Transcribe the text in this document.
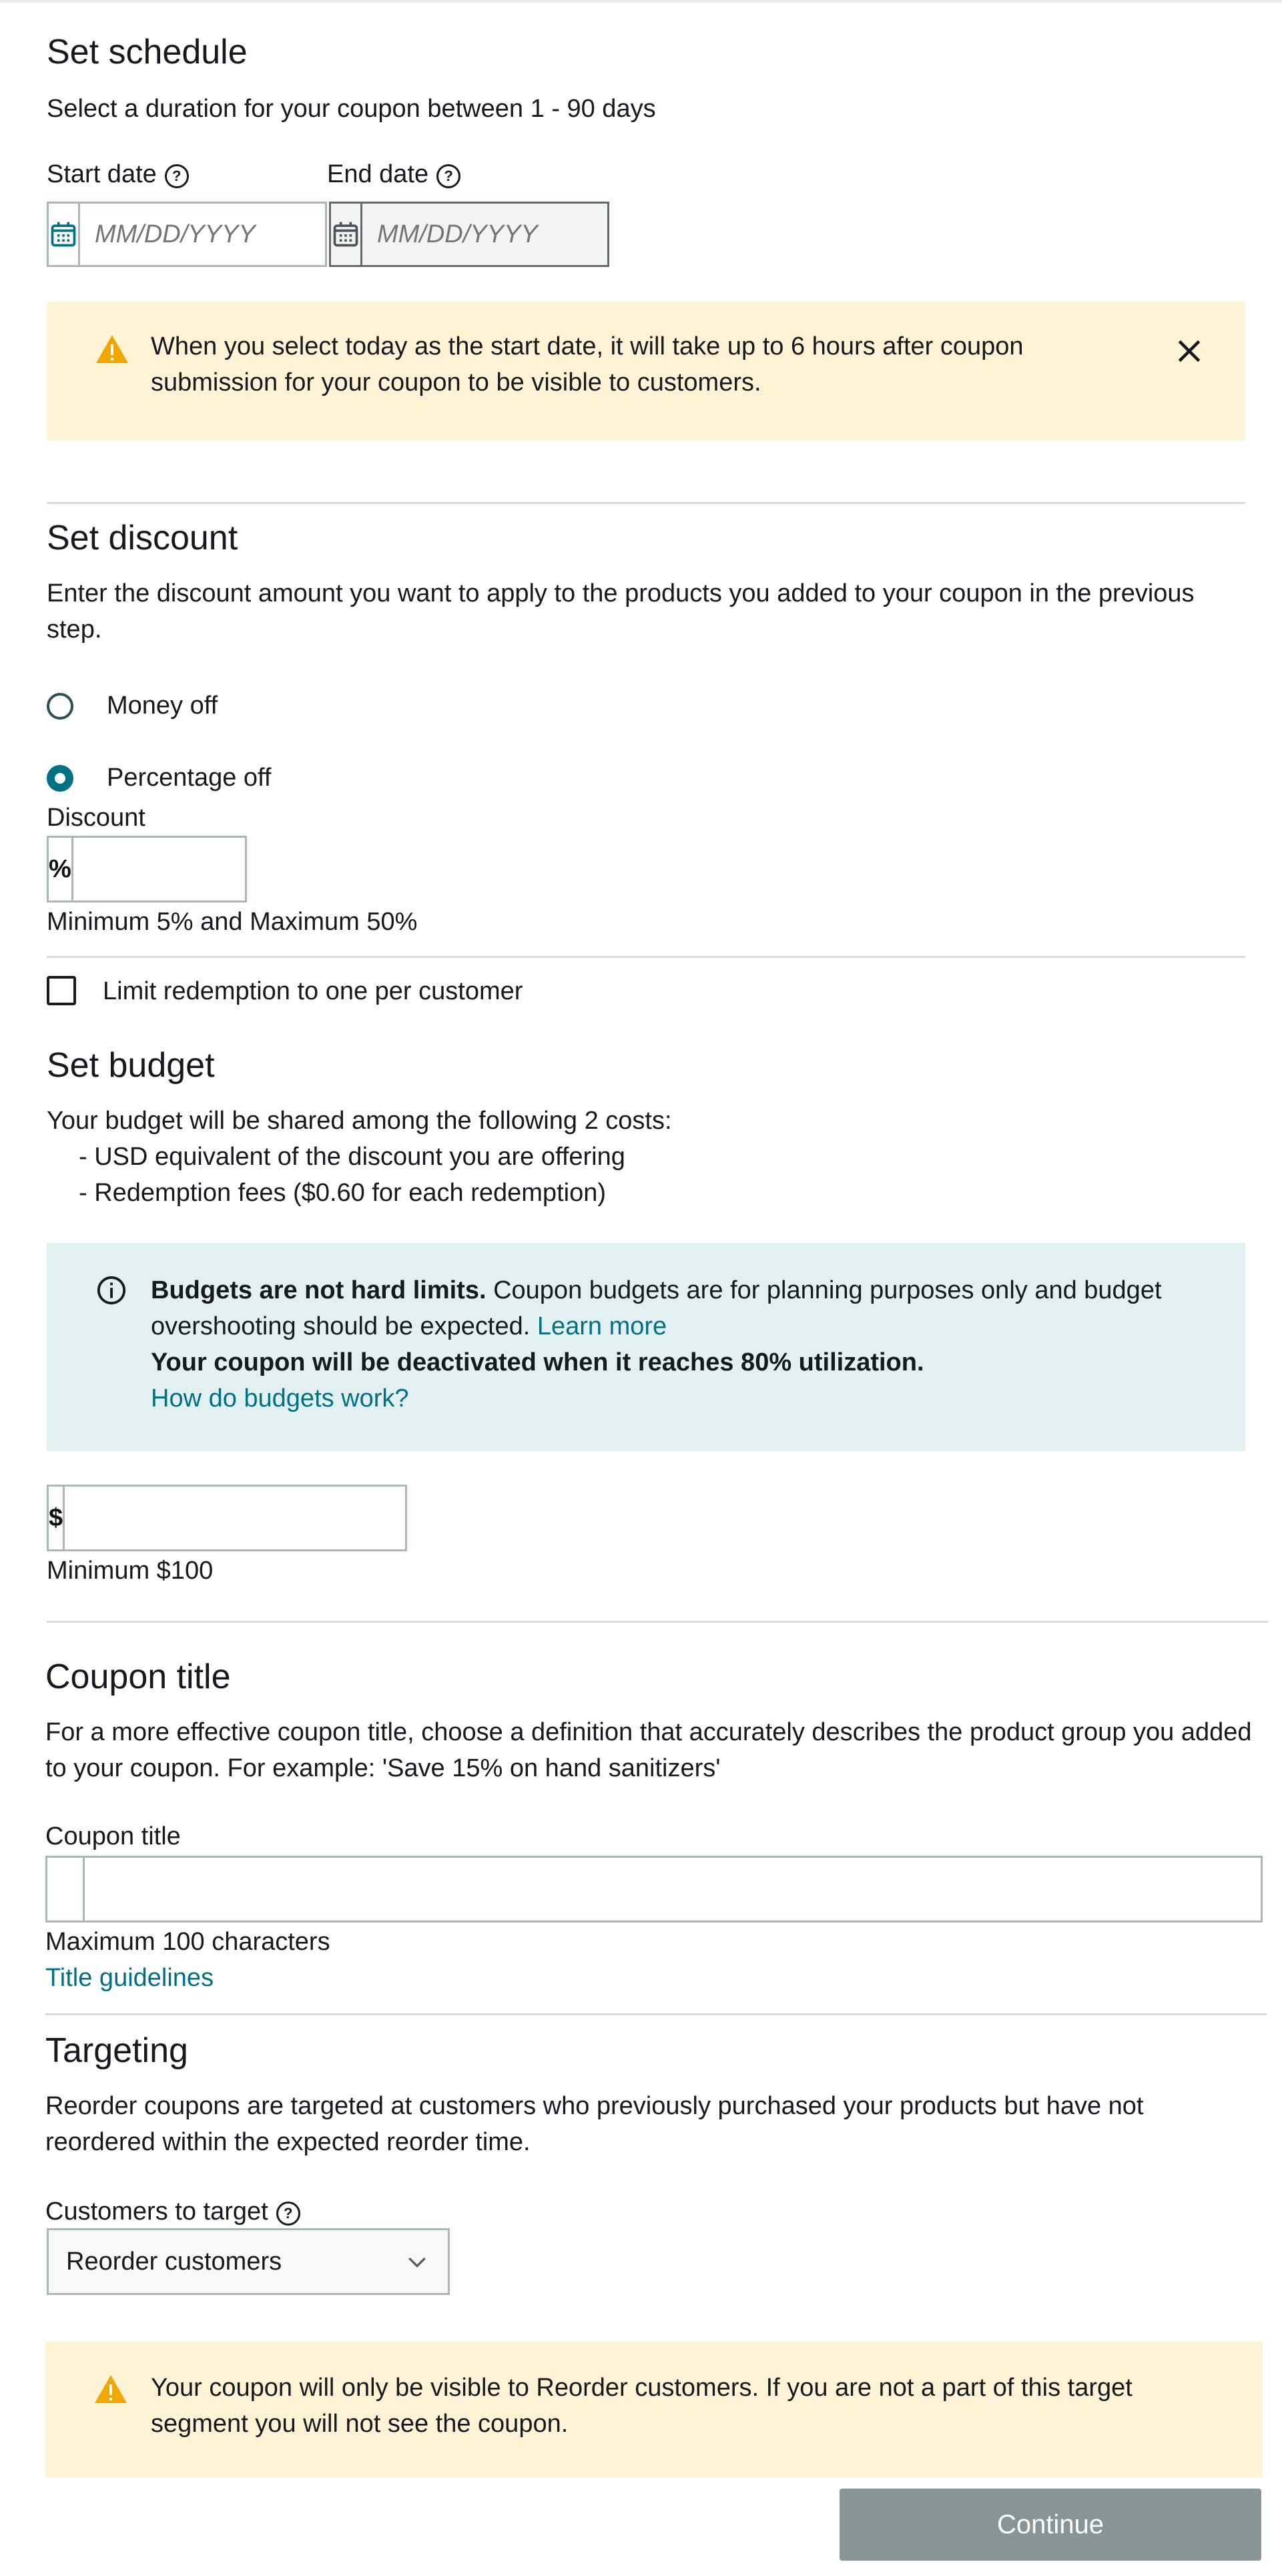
Set schedule

Select a duration for your coupon between 1 - 90 days

Start date ?	End date ?
MM/DD/YYYY
MM/DD/YYYY
When you select today as the start date, it will take up to 6 hours after coupon submission for your coupon to be visible to customers.
Set discount

Enter the discount amount you want to apply to the products you added to your coupon in the previous step.

Money off
Percentage off
Discount
%
Minimum 5% and Maximum 50%
Limit redemption to one per customer
Set budget

Your budget will be shared among the following 2 costs:

- USD equivalent of the discount you are offering

- Redemption fees ($0.60 for each redemption)

Budgets are not hard limits. Coupon budgets are for planning purposes only and budget overshooting should be expected. Learn more
Your coupon will be deactivated when it reaches 80% utilization.
How do budgets work?
$
Minimum $100
Coupon title

For a more effective coupon title, choose a definition that accurately describes the product group you added to your coupon. For example: 'Save 15% on hand sanitizers'

Coupon title
Maximum 100 characters
Title guidelines
Targeting

Reorder coupons are targeted at customers who previously purchased your products but have not reordered within the expected reorder time.

Customers to target ?
Reorder customers
Your coupon will only be visible to Reorder customers. If you are not a part of this target segment you will not see the coupon.
Continue
